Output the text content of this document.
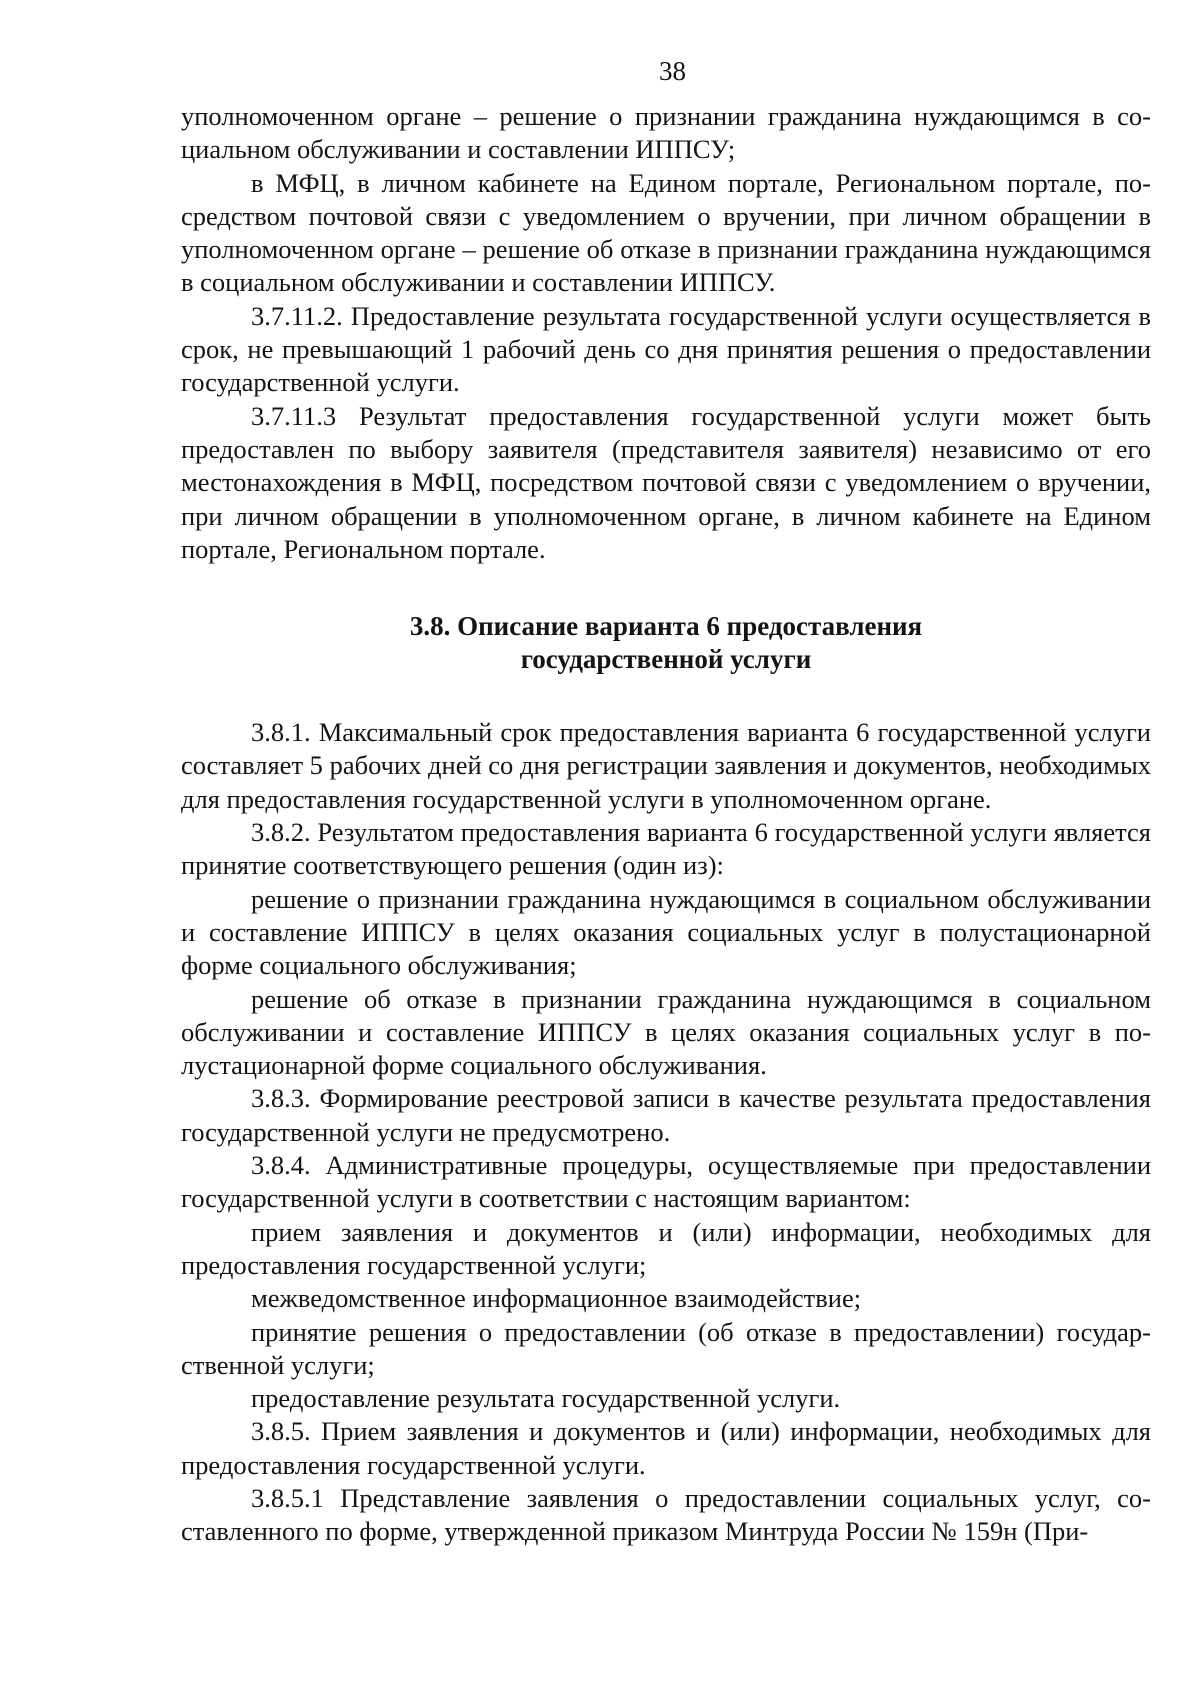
38

уполномоченном органе – решение о признании гражданина нуждающимся в социальном обслуживании и составлении ИППСУ;

в МФЦ, в личном кабинете на Едином портале, Региональном портале, посредством почтовой связи с уведомлением о вручении, при личном обращении в уполномоченном органе – решение об отказе в признании гражданина нуждающимся в социальном обслуживании и составлении ИППСУ.

3.7.11.2. Предоставление результата государственной услуги осуществляется в срок, не превышающий 1 рабочий день со дня принятия решения о предоставлении государственной услуги.

3.7.11.3 Результат предоставления государственной услуги может быть предоставлен по выбору заявителя (представителя заявителя) независимо от его местонахождения в МФЦ, посредством почтовой связи с уведомлением о вручении, при личном обращении в уполномоченном органе, в личном кабинете на Едином портале, Региональном портале.

3.8. Описание варианта 6 предоставления
государственной услуги

3.8.1. Максимальный срок предоставления варианта 6 государственной услуги составляет 5 рабочих дней со дня регистрации заявления и документов, необходимых для предоставления государственной услуги в уполномоченном органе.

3.8.2. Результатом предоставления варианта 6 государственной услуги является принятие соответствующего решения (один из):

решение о признании гражданина нуждающимся в социальном обслуживании и составление ИППСУ в целях оказания социальных услуг в полустационарной форме социального обслуживания;

решение об отказе в признании гражданина нуждающимся в социальном обслуживании и составление ИППСУ в целях оказания социальных услуг в полустационарной форме социального обслуживания.

3.8.3. Формирование реестровой записи в качестве результата предоставления государственной услуги не предусмотрено.

3.8.4. Административные процедуры, осуществляемые при предоставлении государственной услуги в соответствии с настоящим вариантом:

прием заявления и документов и (или) информации, необходимых для предоставления государственной услуги;

межведомственное информационное взаимодействие;

принятие решения о предоставлении (об отказе в предоставлении) государственной услуги;

предоставление результата государственной услуги.

3.8.5. Прием заявления и документов и (или) информации, необходимых для предоставления государственной услуги.

3.8.5.1 Представление заявления о предоставлении социальных услуг, составленного по форме, утвержденной приказом Минтруда России № 159н (При-
